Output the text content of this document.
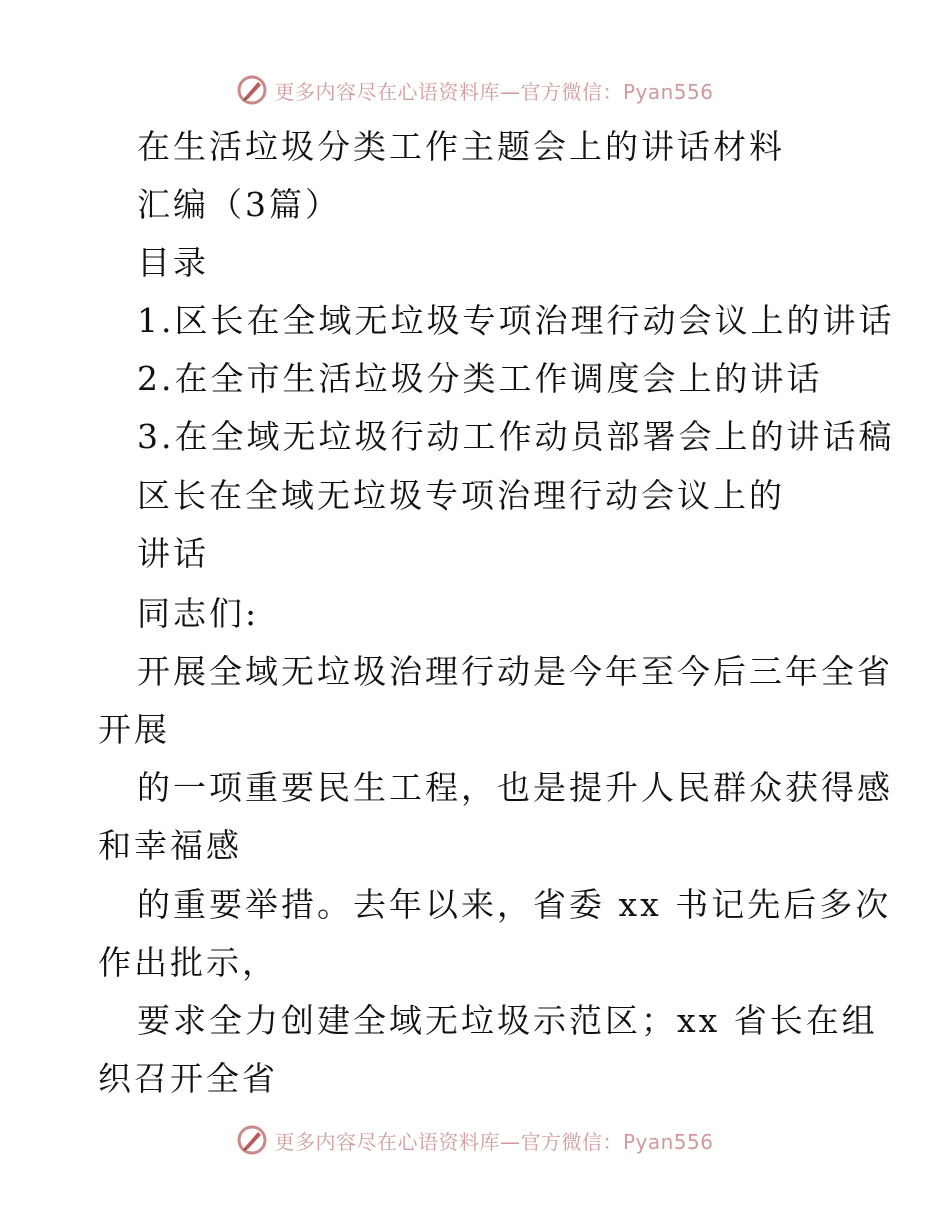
更多内容尽在心语资料库—官方微信：Pyan556
在生活垃圾分类工作主题会上的讲话材料
汇编（3篇）
目录
1.区长在全域无垃圾专项治理行动会议上的讲话
2.在全市生活垃圾分类工作调度会上的讲话
3.在全域无垃圾行动工作动员部署会上的讲话稿
区长在全域无垃圾专项治理行动会议上的
讲话
同志们:
开展全域无垃圾治理行动是今年至今后三年全省
开展
的一项重要民生工程，也是提升人民群众获得感
和幸福感
的重要举措。去年以来，省委 xx 书记先后多次
作出批示，
要求全力创建全域无垃圾示范区；xx 省长在组
织召开全省
更多内容尽在心语资料库—官方微信：Pyan556
